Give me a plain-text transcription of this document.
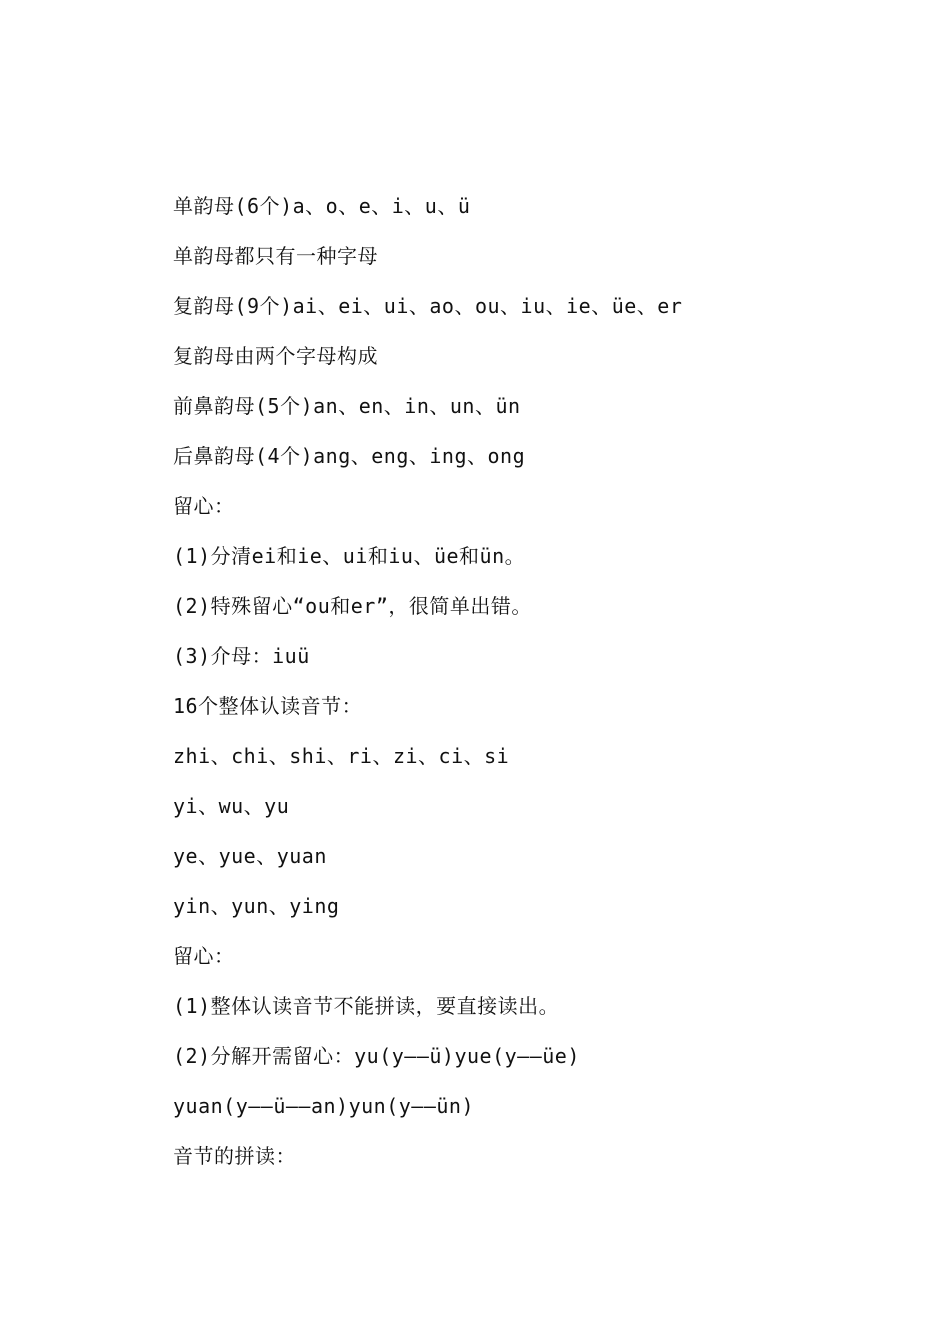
单韵母(6个)a、o、e、i、u、ü
单韵母都只有一种字母
复韵母(9个)ai、ei、ui、ao、ou、iu、ie、üe、er
复韵母由两个字母构成
前鼻韵母(5个)an、en、in、un、ün
后鼻韵母(4个)ang、eng、ing、ong
留心：
(1)分清ei和ie、ui和iu、üe和ün。
(2)特殊留心“ou和er”，很简单出错。
(3)介母：iuü
16个整体认读音节：
zhi、chi、shi、ri、zi、ci、si
yi、wu、yu
ye、yue、yuan
yin、yun、ying
留心：
(1)整体认读音节不能拼读，要直接读出。
(2)分解开需留心：yu(y——ü)yue(y——üe)
yuan(y——ü——an)yun(y——ün)
音节的拼读：
